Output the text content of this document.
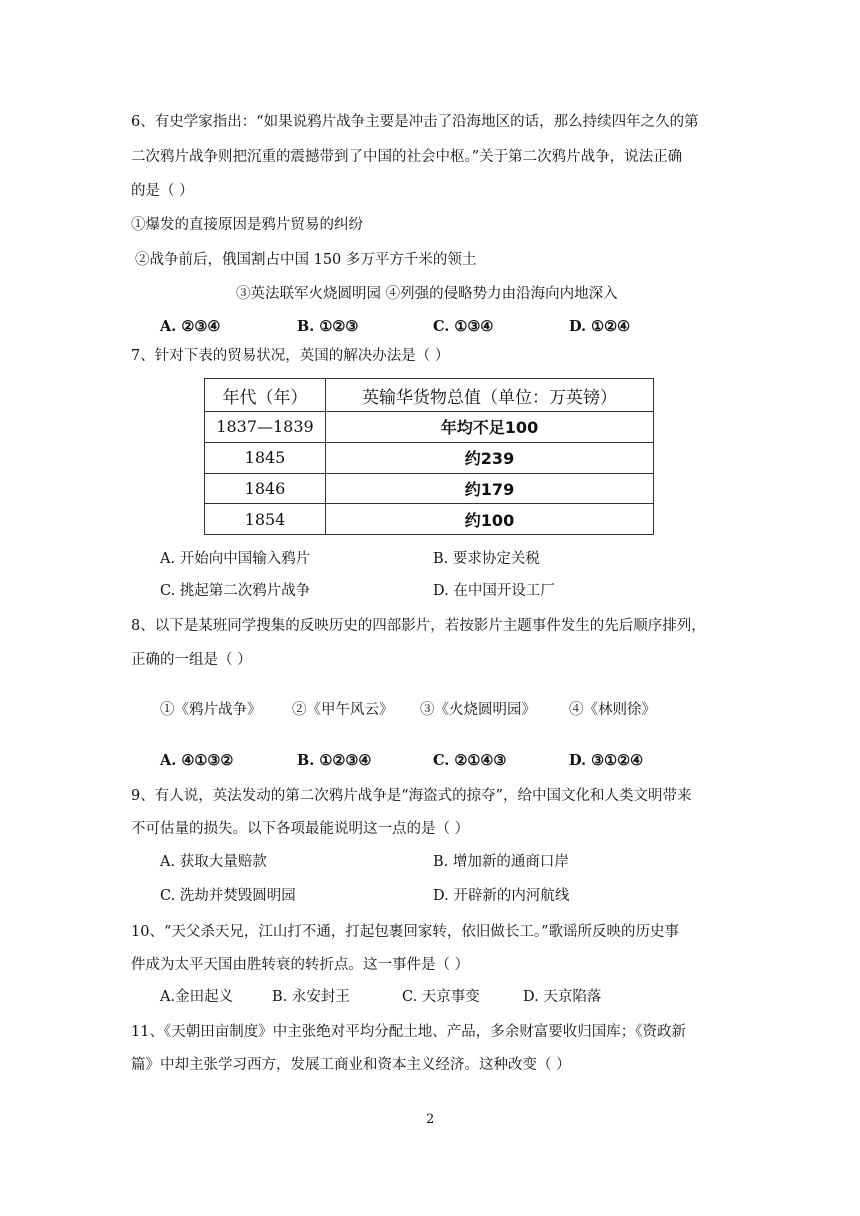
6、有史学家指出：“如果说鸦片战争主要是冲击了沿海地区的话，那么持续四年之久的第
二次鸦片战争则把沉重的震撼带到了中国的社会中枢。”关于第二次鸦片战争，说法正确
的是（ ）
①爆发的直接原因是鸦片贸易的纠纷
②战争前后，俄国割占中国 150 多万平方千米的领土
③英法联军火烧圆明园 ④列强的侵略势力由沿海向内地深入
A. ②③④	B. ①②③	C. ①③④	D. ①②④
7、针对下表的贸易状况，英国的解决办法是（ ）
年代（年）	英输华货物总值（单位：万英镑）
1837—1839	年均不足100
1845	约239
1846	约179
1854	约100
A. 开始向中国输入鸦片	B. 要求协定关税
C. 挑起第二次鸦片战争	D. 在中国开设工厂
8、以下是某班同学搜集的反映历史的四部影片，若按影片主题事件发生的先后顺序排列，
正确的一组是（ ）
①《鸦片战争》 ②《甲午风云》 ③《火烧圆明园》 ④《林则徐》
A. ④①③②	B. ①②③④	C. ②①④③	D. ③①②④
9、有人说，英法发动的第二次鸦片战争是“海盗式的掠夺”，给中国文化和人类文明带来
不可估量的损失。以下各项最能说明这一点的是（ ）
A. 获取大量赔款	B. 增加新的通商口岸
C. 洗劫并焚毁圆明园	D. 开辟新的内河航线
10、“天父杀天兄，江山打不通，打起包裹回家转，依旧做长工。”歌谣所反映的历史事
件成为太平天国由胜转衰的转折点。这一事件是（ ）
A.金田起义	B. 永安封王	C. 天京事变	D. 天京陷落
11、《天朝田亩制度》中主张绝对平均分配土地、产品，多余财富要收归国库；《资政新
篇》中却主张学习西方，发展工商业和资本主义经济。这种改变（ ）
2
